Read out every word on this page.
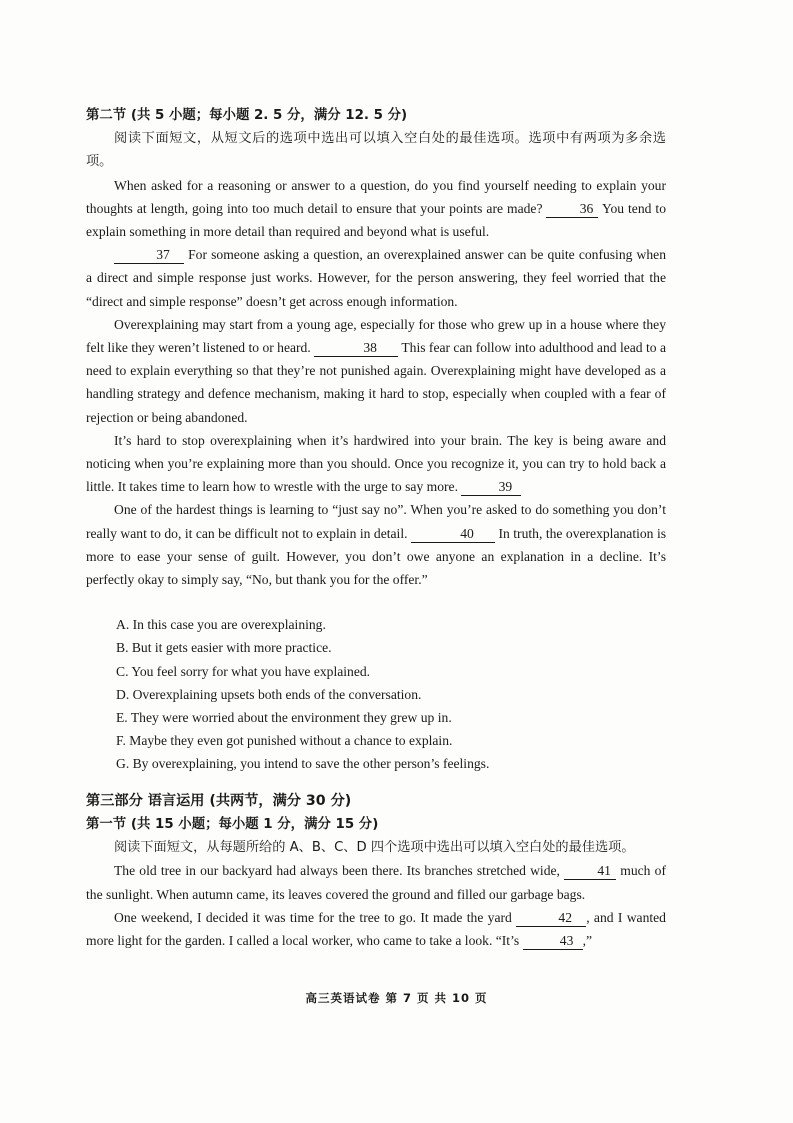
第二节 (共 5 小题；每小题 2. 5 分，满分 12. 5 分)
阅读下面短文，从短文后的选项中选出可以填入空白处的最佳选项。选项中有两项为多余选项。
When asked for a reasoning or answer to a question, do you find yourself needing to explain your thoughts at length, going into too much detail to ensure that your points are made?	36 You tend to explain something in more detail than required and beyond what is useful.
37 For someone asking a question, an overexplained answer can be quite confusing when a direct and simple response just works. However, for the person answering, they feel worried that the “direct and simple response” doesn’t get across enough information.
Overexplaining may start from a young age, especially for those who grew up in a house where they felt like they weren’t listened to or heard.	38 This fear can follow into adulthood and lead to a need to explain everything so that they’re not punished again. Overexplaining might have developed as a handling strategy and defence mechanism, making it hard to stop, especially when coupled with a fear of rejection or being abandoned.
It’s hard to stop overexplaining when it’s hardwired into your brain. The key is being aware and noticing when you’re explaining more than you should. Once you recognize it, you can try to hold back a little. It takes time to learn how to wrestle with the urge to say more.	39
One of the hardest things is learning to “just say no”. When you’re asked to do something you don’t really want to do, it can be difficult not to explain in detail.	40 In truth, the overexplanation is more to ease your sense of guilt. However, you don’t owe anyone an explanation in a decline. It’s perfectly okay to simply say, “No, but thank you for the offer.”
A. In this case you are overexplaining.
B. But it gets easier with more practice.
C. You feel sorry for what you have explained.
D. Overexplaining upsets both ends of the conversation.
E. They were worried about the environment they grew up in.
F. Maybe they even got punished without a chance to explain.
G. By overexplaining, you intend to save the other person’s feelings.
第三部分 语言运用 (共两节，满分 30 分)
第一节 (共 15 小题；每小题 1 分，满分 15 分)
阅读下面短文，从每题所给的 A、B、C、D 四个选项中选出可以填入空白处的最佳选项。
The old tree in our backyard had always been there. Its branches stretched wide,	41 much of the sunlight. When autumn came, its leaves covered the ground and filled our garbage bags.
One weekend, I decided it was time for the tree to go. It made the yard	42 , and I wanted more light for the garden. I called a local worker, who came to take a look. “It’s	43 ,”
高三英语试卷 第 7 页 共 10 页
